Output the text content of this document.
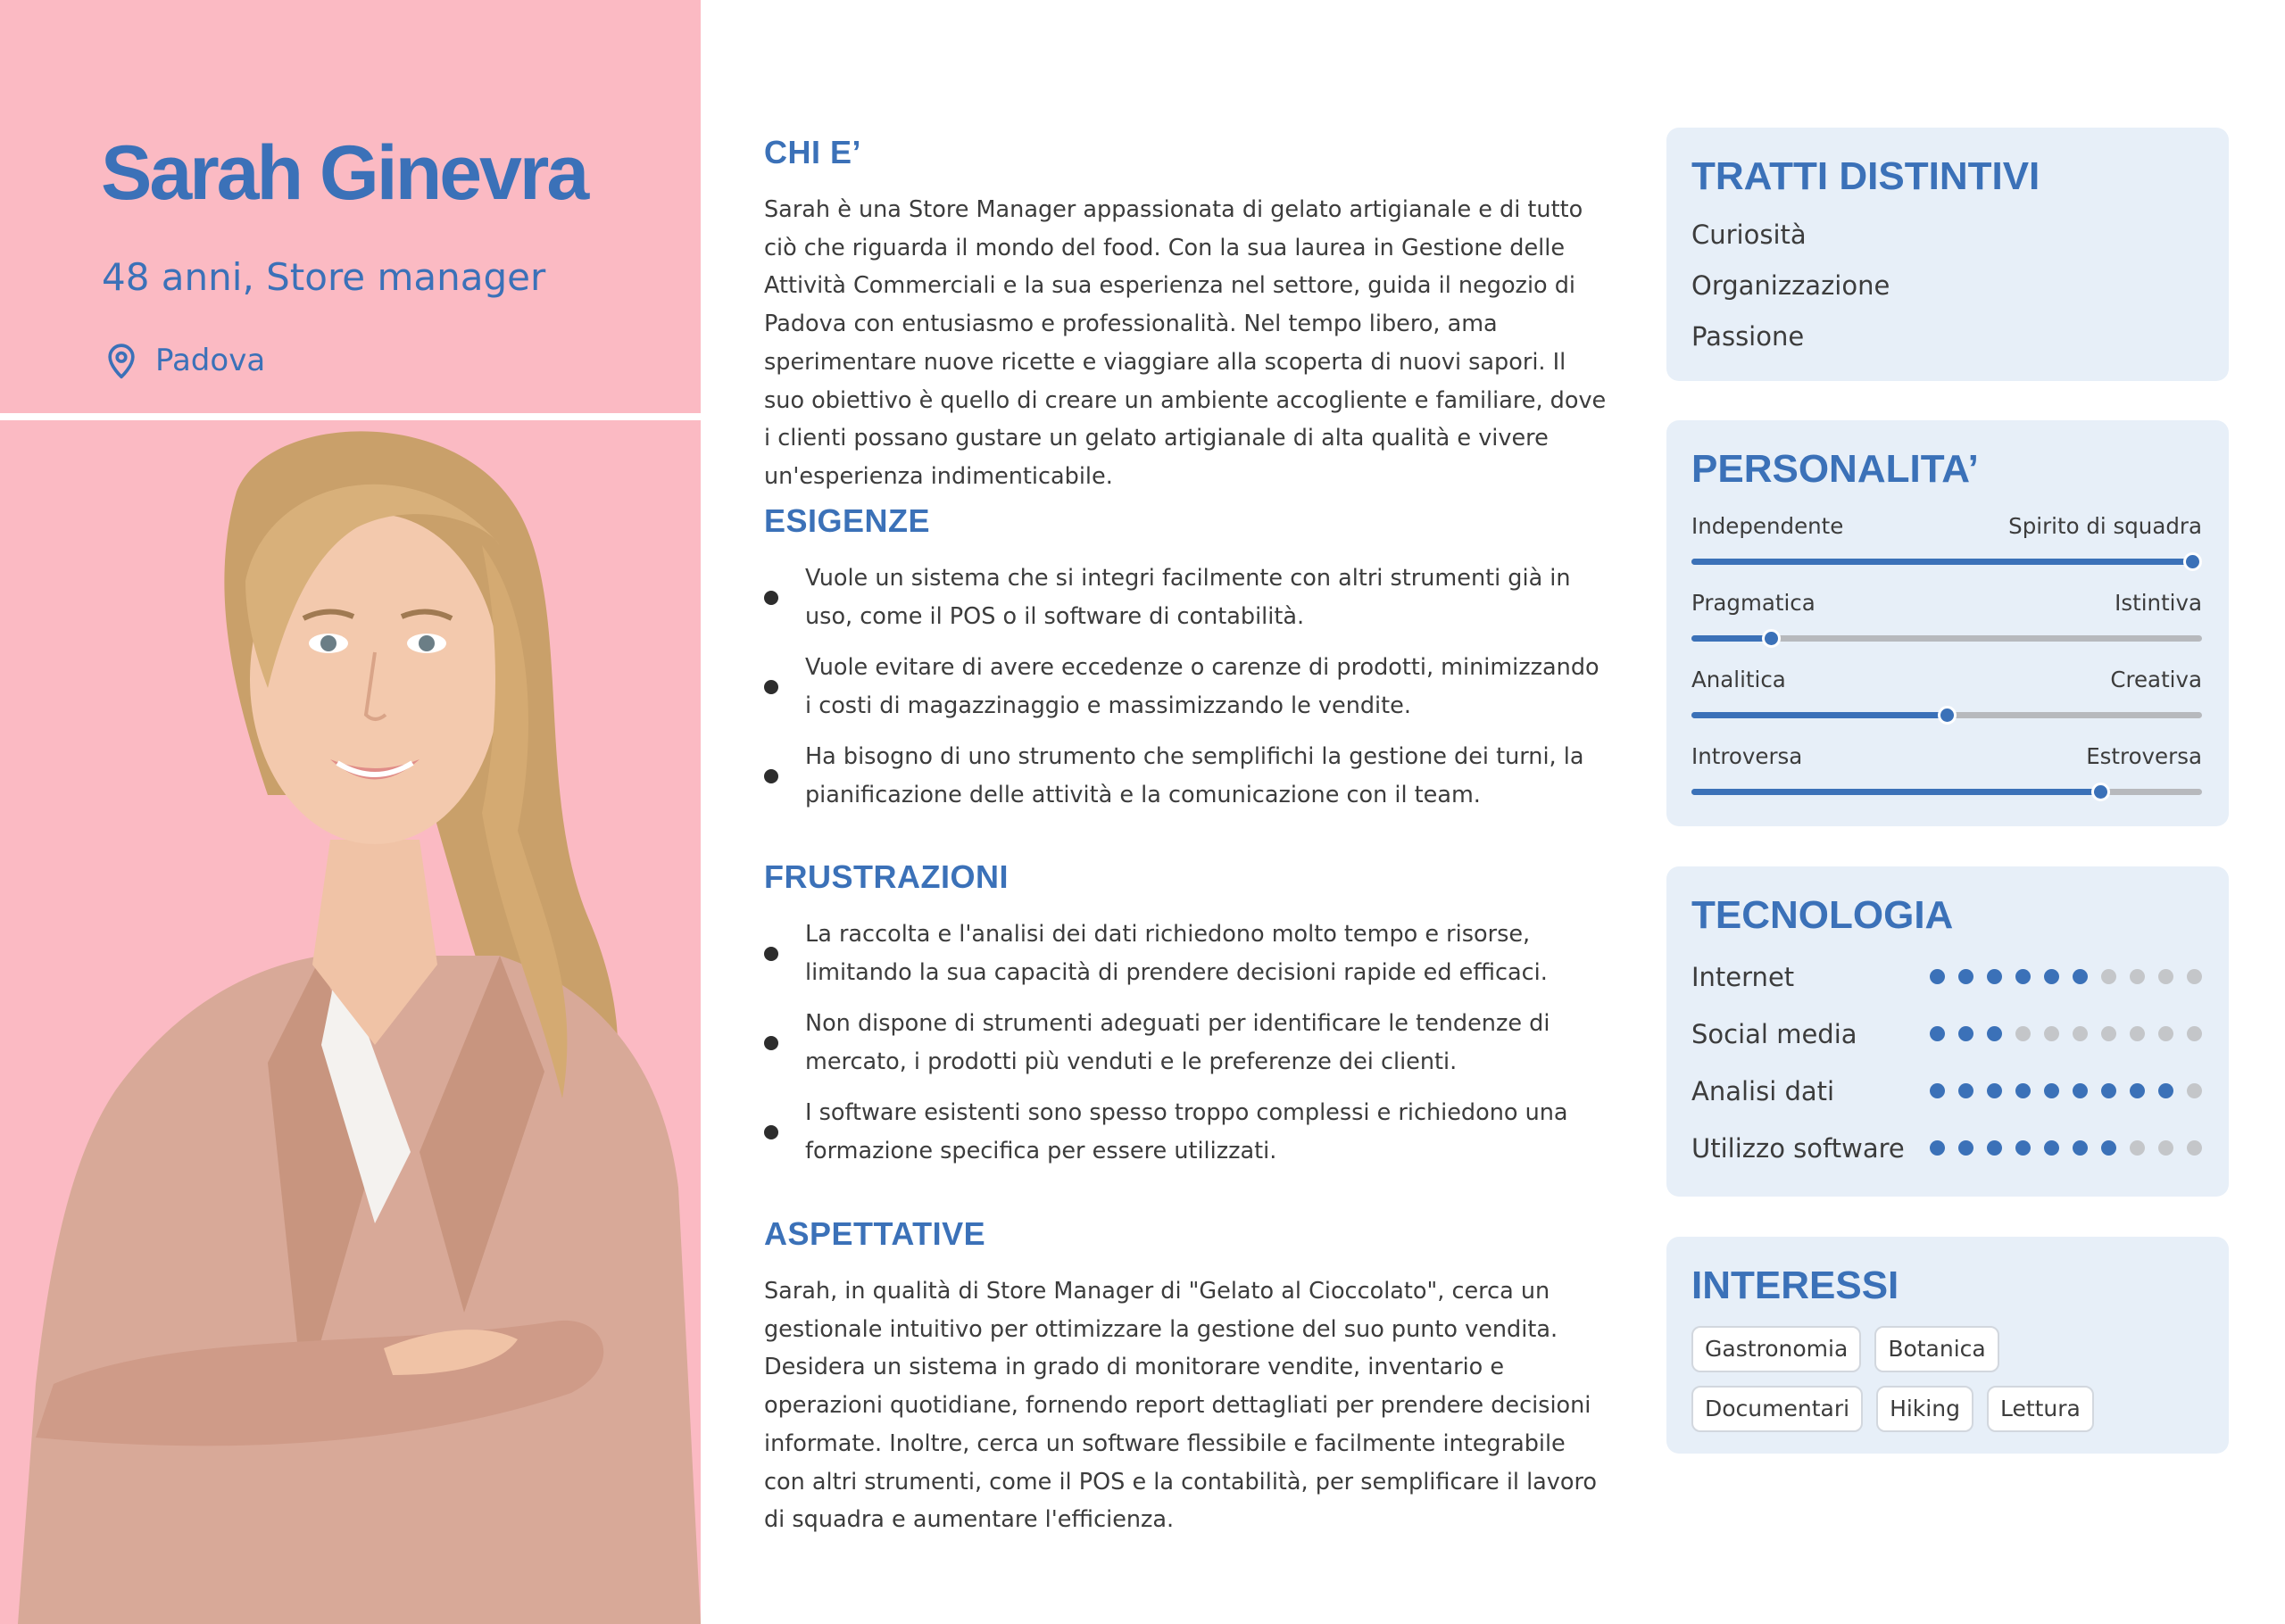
Sarah Ginevra
48 anni, Store manager
Padova
CHI E’

Sarah è una Store Manager appassionata di gelato artigianale e di tutto ciò che riguarda il mondo del food. Con la sua laurea in Gestione delle Attività Commerciali e la sua esperienza nel settore, guida il negozio di Padova con entusiasmo e professionalità. Nel tempo libero, ama sperimentare nuove ricette e viaggiare alla scoperta di nuovi sapori. Il suo obiettivo è quello di creare un ambiente accogliente e familiare, dove i clienti possano gustare un gelato artigianale di alta qualità e vivere un'esperienza indimenticabile.

ESIGENZE
Vuole un sistema che si integri facilmente con altri strumenti già in uso, come il POS o il software di contabilità.
Vuole evitare di avere eccedenze o carenze di prodotti, minimizzando i costi di magazzinaggio e massimizzando le vendite.
Ha bisogno di uno strumento che semplifichi la gestione dei turni, la pianificazione delle attività e la comunicazione con il team.
FRUSTRAZIONI
La raccolta e l'analisi dei dati richiedono molto tempo e risorse, limitando la sua capacità di prendere decisioni rapide ed efficaci.
Non dispone di strumenti adeguati per identificare le tendenze di mercato, i prodotti più venduti e le preferenze dei clienti.
I software esistenti sono spesso troppo complessi e richiedono una formazione specifica per essere utilizzati.
ASPETTATIVE

Sarah, in qualità di Store Manager di "Gelato al Cioccolato", cerca un gestionale intuitivo per ottimizzare la gestione del suo punto vendita. Desidera un sistema in grado di monitorare vendite, inventario e operazioni quotidiane, fornendo report dettagliati per prendere decisioni informate. Inoltre, cerca un software flessibile e facilmente integrabile con altri strumenti, come il POS e la contabilità, per semplificare il lavoro di squadra e aumentare l'efficienza.

TRATTI DISTINTIVI
Curiosità
Organizzazione
Passione
PERSONALITA’
Independente	Spirito di squadra
Pragmatica	Istintiva
Analitica	Creativa
Introversa	Estroversa
TECNOLOGIA
Internet
Social media
Analisi dati
Utilizzo software
INTERESSI
Gastronomia	Botanica
Documentari	Hiking	Lettura
